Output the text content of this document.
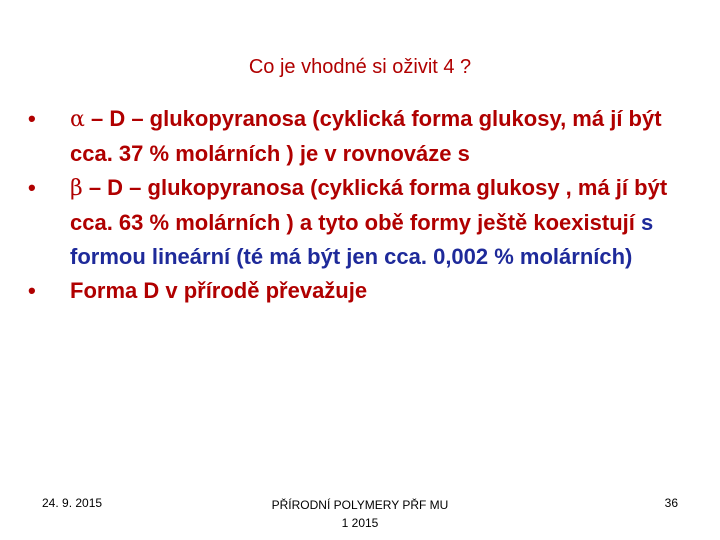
Co je vhodné si oživit 4 ?
• α – D – glukopyranosa (cyklická forma glukosy, má jí být cca. 37 % molárních ) je v rovnováze s
• β – D – glukopyranosa (cyklická forma glukosy , má jí být cca. 63 % molárních ) a tyto obě formy ještě koexistují s formou lineární (té má být jen cca. 0,002 % molárních)
• Forma D v přírodě převažuje
24. 9. 2015	PŘÍRODNÍ POLYMERY PŘF MU
1 2015
36
